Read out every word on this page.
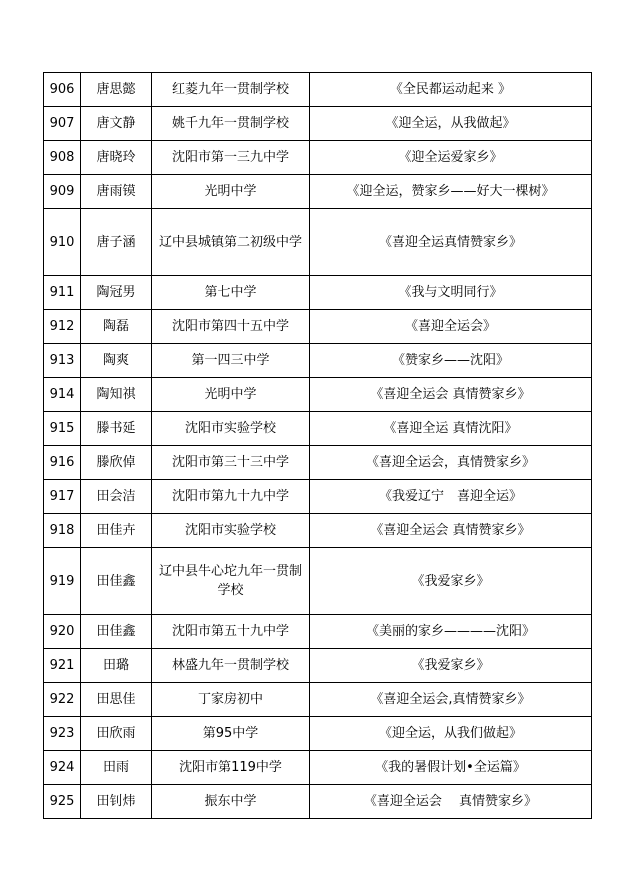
906	唐思懿	红菱九年一贯制学校	《全民都运动起来 》
907	唐文静	姚千九年一贯制学校	《迎全运，从我做起》
908	唐晓玲	沈阳市第一三九中学	《迎全运爱家乡》
909	唐雨镆	光明中学	《迎全运，赞家乡——好大一棵树》
910	唐子涵	辽中县城镇第二初级中学	《喜迎全运真情赞家乡》
911	陶冠男	第七中学	《我与文明同行》
912	陶磊	沈阳市第四十五中学	《喜迎全运会》
913	陶爽	第一四三中学	《赞家乡——沈阳》
914	陶知祺	光明中学	《喜迎全运会 真情赞家乡》
915	滕书延	沈阳市实验学校	《喜迎全运 真情沈阳》
916	滕欣倬	沈阳市第三十三中学	《喜迎全运会，真情赞家乡》
917	田会洁	沈阳市第九十九中学	《我爱辽宁　喜迎全运》
918	田佳卉	沈阳市实验学校	《喜迎全运会 真情赞家乡》
919	田佳鑫	辽中县牛心坨九年一贯制学校	《我爱家乡》
920	田佳鑫	沈阳市第五十九中学	《美丽的家乡————沈阳》
921	田璐	林盛九年一贯制学校	《我爱家乡》
922	田思佳	丁家房初中	《喜迎全运会,真情赞家乡》
923	田欣雨	第95中学	《迎全运，从我们做起》
924	田雨	沈阳市第119中学	《我的暑假计划•全运篇》
925	田钊炜	振东中学	《喜迎全运会　 真情赞家乡》
